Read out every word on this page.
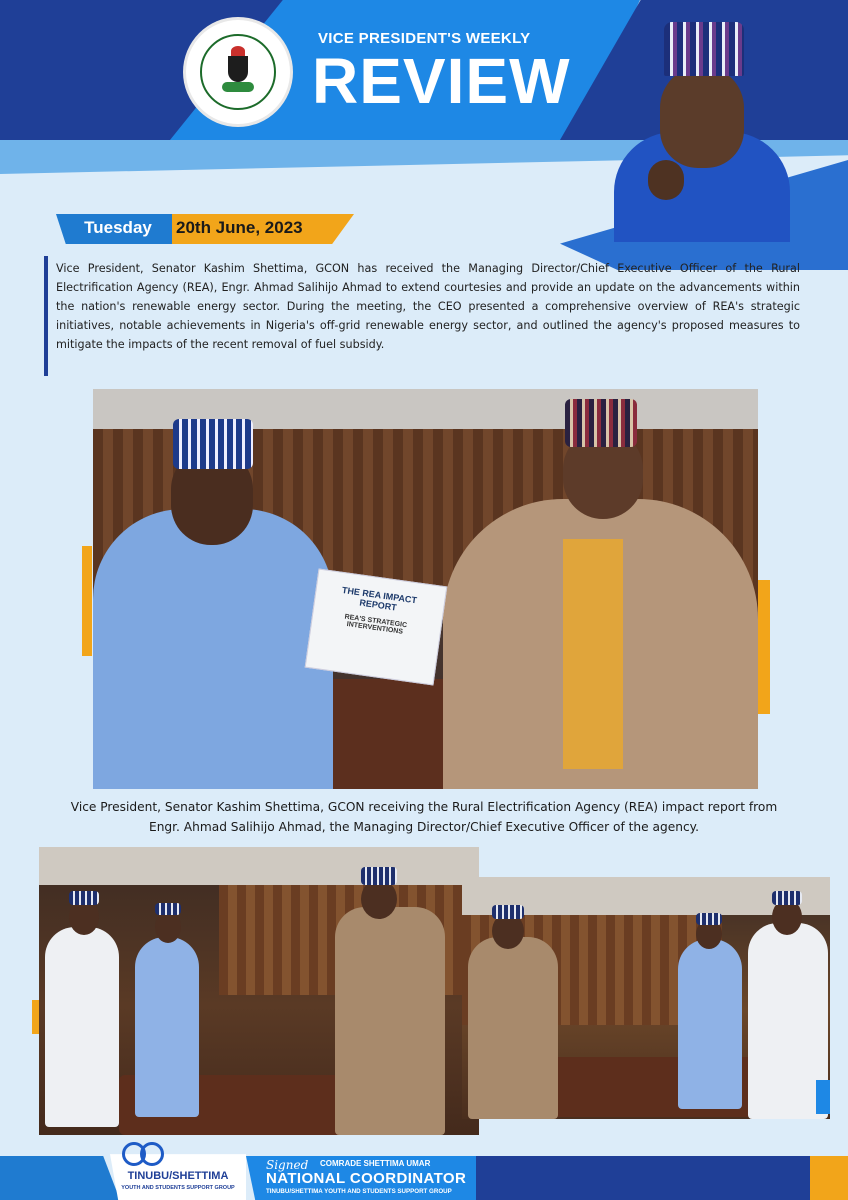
VICE PRESIDENT'S WEEKLY
REVIEW
Tuesday	20th June, 2023
Vice President, Senator Kashim Shettima, GCON has received the Managing Director/Chief Executive Officer of the Rural Electrification Agency (REA), Engr. Ahmad Salihijo Ahmad to extend courtesies and provide an update on the advancements within the nation's renewable energy sector. During the meeting, the CEO presented a comprehensive overview of REA's strategic initiatives, notable achievements in Nigeria's off-grid renewable energy sector, and outlined the agency's proposed measures to mitigate the impacts of the recent removal of fuel subsidy.
THE REA IMPACT REPORT
REA'S STRATEGIC INTERVENTIONS
Vice President, Senator Kashim Shettima, GCON receiving the Rural Electrification Agency (REA) impact report from Engr. Ahmad Salihijo Ahmad, the Managing Director/Chief Executive Officer of the agency.
TINUBU/SHETTIMA
YOUTH AND STUDENTS SUPPORT GROUP
Signed	COMRADE SHETTIMA UMAR
NATIONAL COORDINATOR
TINUBU/SHETTIMA YOUTH AND STUDENTS SUPPORT GROUP
